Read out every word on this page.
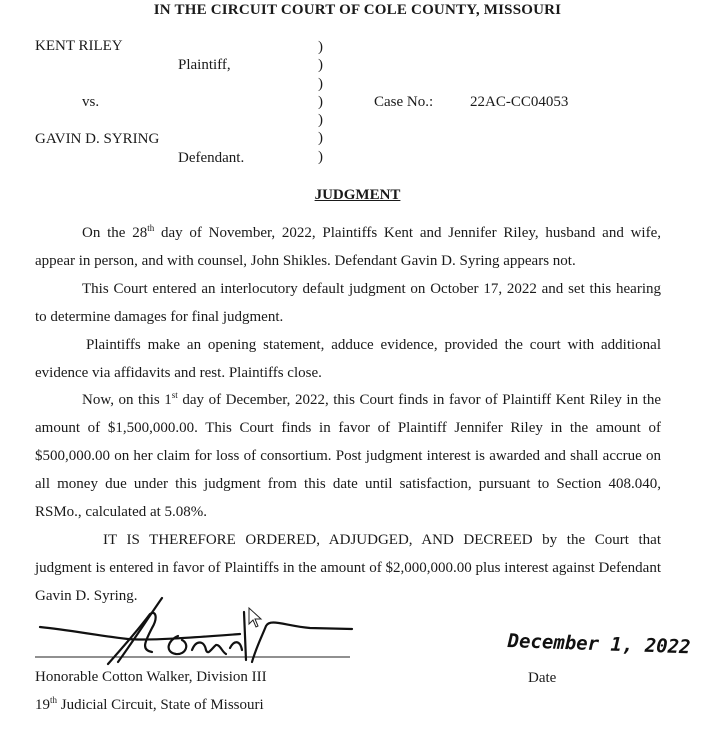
IN THE CIRCUIT COURT OF COLE COUNTY, MISSOURI
KENT RILEY
Plaintiff,
vs.
GAVIN D. SYRING
Defendant.
)
)
)
)
)
)
)
Case No.: 22AC-CC04053
JUDGMENT
On the 28th day of November, 2022, Plaintiffs Kent and Jennifer Riley, husband and wife, appear in person, and with counsel, John Shikles. Defendant Gavin D. Syring appears not.
This Court entered an interlocutory default judgment on October 17, 2022 and set this hearing to determine damages for final judgment.
Plaintiffs make an opening statement, adduce evidence, provided the court with additional evidence via affidavits and rest. Plaintiffs close.
Now, on this 1st day of December, 2022, this Court finds in favor of Plaintiff Kent Riley in the amount of $1,500,000.00. This Court finds in favor of Plaintiff Jennifer Riley in the amount of $500,000.00 on her claim for loss of consortium. Post judgment interest is awarded and shall accrue on all money due under this judgment from this date until satisfaction, pursuant to Section 408.040, RSMo., calculated at 5.08%.
IT IS THEREFORE ORDERED, ADJUDGED, AND DECREED by the Court that judgment is entered in favor of Plaintiffs in the amount of $2,000,000.00 plus interest against Defendant Gavin D. Syring.
December 1, 2022
Honorable Cotton Walker, Division III
19th Judicial Circuit, State of Missouri
Date
